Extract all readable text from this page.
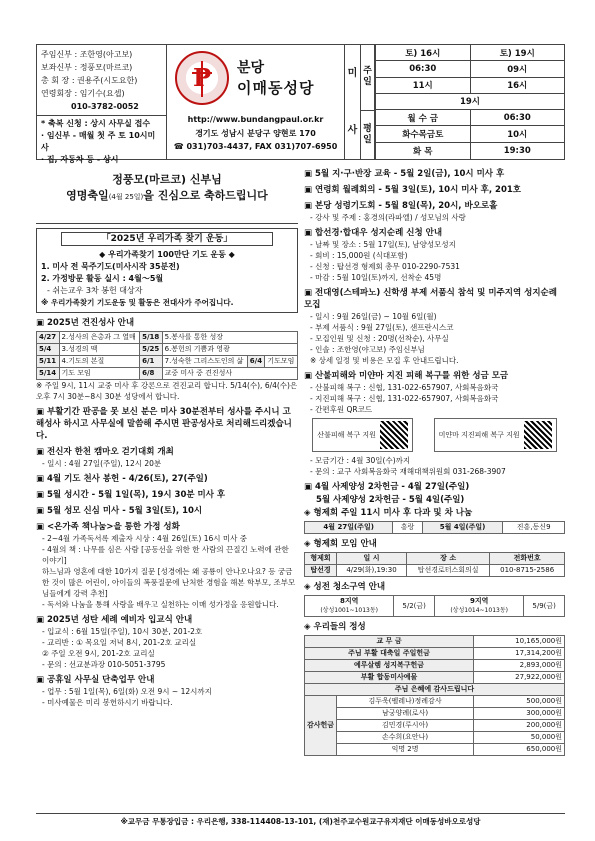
주임신부 : 조한영(아고보)
보좌신부 : 정풍모(마르코)
총 회 장 : 권용주(시도요한)
연령회장 : 임기수(요셉)
010-3782-0052
* 축복 신청 : 상시 사무실 접수
· 임신부 - 매월 첫 주 토 10시미사
· 집, 자동차 등 - 상시
P 분당
이매동성당
http://www.bundangpaul.or.kr
경기도 성남시 분당구 양현로 170
☎ 031)703-4437, FAX 031)707-6950
미
사
주일
평일
토) 16시	토) 19시
06:30	09시
11시	16시
19시
월 수 금	06:30
화수목금토	10시
화 목	19:30
정풍모(마르코) 신부님
영명축일(4월 25일)을 진심으로 축하드립니다
「2025년 우리가족 찾기 운동」
◆ 우리가족찾기 100만단 기도 운동 ◆
1. 미사 전 묵주기도(미사시작 35분전)
2. 가정방문 활동 실시 : 4월～5월
- 쉬는교우 3차 봉헌 대상자
※ 우리가족찾기 기도운동 및 활동은 전대사가 주어집니다.
▣ 2025년 견진성사 안내
4/27	2.성사의 은총과 그 열매	5/18	5.봉사를 통한 성장		
5/4	3.성경의 맥	5/25	6.봉헌의 기쁨과 영광		
5/11	4.기도의 본질	6/1	7.성숙한 그리스도인의 삶	6/4	기도모임
5/14	기도 모임	6/8	교중 미사 중 견진성사		
※ 주일 9시, 11시 교중 미사 후 강론으로 견진교리 합니다. 5/14(수), 6/4(수)은 오후 7시 30분~8시 30분 성당에서 합니다.
▣ 부활기간 판공을 못 보신 분은 미사 30분전부터 성사를 주시니 고해성사 하시고 사무실에 말씀해 주시면 판공성사로 처리해드리겠습니다.
▣ 전신자 한천 캠마오 걷기대회 개최
- 일시 : 4월 27일(주일), 12시 20분
▣ 4월 기도 천사 봉헌 - 4/26(토), 27(주일)
▣ 5월 성시간 - 5월 1일(목), 19시 30분 미사 후
▣ 5월 성모 신심 미사 - 5월 3일(토), 10시
▣ <온가족 책나눔>을 통한 가정 성화
- 2~4월 가족독서록 제출자 시상 : 4월 26일(토) 16시 미사 중
- 4월의 책 : 나무를 심은 사람 [공동선을 위한 한 사람의 끈질긴 노력에 관한 이야기]
하느님과 영혼에 대한 10가지 질문 [성경에는 왜 공룡이 안나오나요? 등 궁금한 것이 많은 어린이, 아이들의 폭풍질문에 난처한 경험을 해본 학부모, 조부모님들에게 강력 추천]
- 독서와 나눔을 통해 사랑을 배우고 실천하는 이매 성가정을 응원합니다.
▣ 2025년 성탄 세례 예비자 입교식 안내
- 입교식 : 6월 15일(주일), 10시 30분, 201-2호
- 교리반 : ① 목요일 저녁 8시, 201-2호 교리실
② 주일 오전 9시, 201-2호 교리실
- 문의 : 선교분과장 010-5051-3795
▣ 공휴일 사무실 단축업무 안내
- 업무 : 5월 1일(목), 6일(화) 오전 9시 ~ 12시까지
- 미사예물은 미리 봉헌하시기 바랍니다.
▣ 5월 지·구·반장 교육 - 5월 2일(금), 10시 미사 후
▣ 연령회 월례회의 - 5월 3일(토), 10시 미사 후, 201호
▣ 본당 성령기도회 - 5월 8일(목), 20시, 바오로홀
- 강사 및 주제 : 홍경의(라파엘) / 성모님의 사랑
▣ 합선경·합대우 성지순례 신청 안내
- 날짜 및 장소 : 5월 17일(토), 남양성모성지
- 회비 : 15,000원 (식대포함)
- 신청 : 탑선경 형제회 총무 010-2290-7531
- 마감 : 5월 10일(토)까지, 선착순 45명
▣ 전대영(스테파노) 신학생 부제 서품식 참석 및 미주지역 성지순례 모집
- 일시 : 9월 26일(금) ~ 10월 6일(월)
- 부제 서품식 : 9월 27일(토), 샌프란시스코
- 모집인원 및 신청 : 20명(선착순), 사무실
- 인솔 : 조한영(야고보) 주임신부님
※ 상세 일정 및 비용은 모집 후 안내드립니다.
▣ 산불피해와 미얀마 지진 피해 복구를 위한 성금 모금
- 산불피해 복구 : 신협, 131-022-657907, 사회복음화국
- 지진피해 복구 : 신협, 131-022-657907, 사회복음화국
- 간편후원 QR코드
산불피해 복구 지원	미얀마 지진피해 복구 지원
- 모금기간 : 4월 30일(수)까지
- 문의 : 교구 사회복음화국 재해대책위원회 031-268-3907
▣ 4월 사제양성 2차헌금 - 4월 27일(주일)
5월 사제양성 2차헌금 - 5월 4일(주일)
◈ 형제회 주일 11시 미사 후 다과 및 차 나눔
4월 27일(주일)	흥랑	5월 4일(주일)	진흥,동신9
◈ 형제회 모임 안내
형제회	일 시	장 소	전화번호
탑선경	4/29(화),19:30	탑선경로터스회의실	010-8715-2586
◈ 성전 청소구역 안내
8지역
(상성1001~1013동)	5/2(금)	9지역
(상성1014~1013동)	5/9(금)
◈ 우리들의 정성
교 무 금		10,165,000원
주님 부활 대축일 주일헌금		17,314,200원
예루살렘 성지복구헌금		2,893,000원
부활 합동미사예물		27,922,000원
주님 은혜에 감사드립니다		
감사헌금	김두욱(펠레나)정례감사	500,000원
	남궁양례(로사)	300,000원
	김민경(루시아)	200,000원
	손수희(요안나)	50,000원
	익명 2명	650,000원
※교무금 무통장입금 : 우리은행, 338-114408-13-101, (재)천주교수원교구유지재단 이매동성바오로성당
